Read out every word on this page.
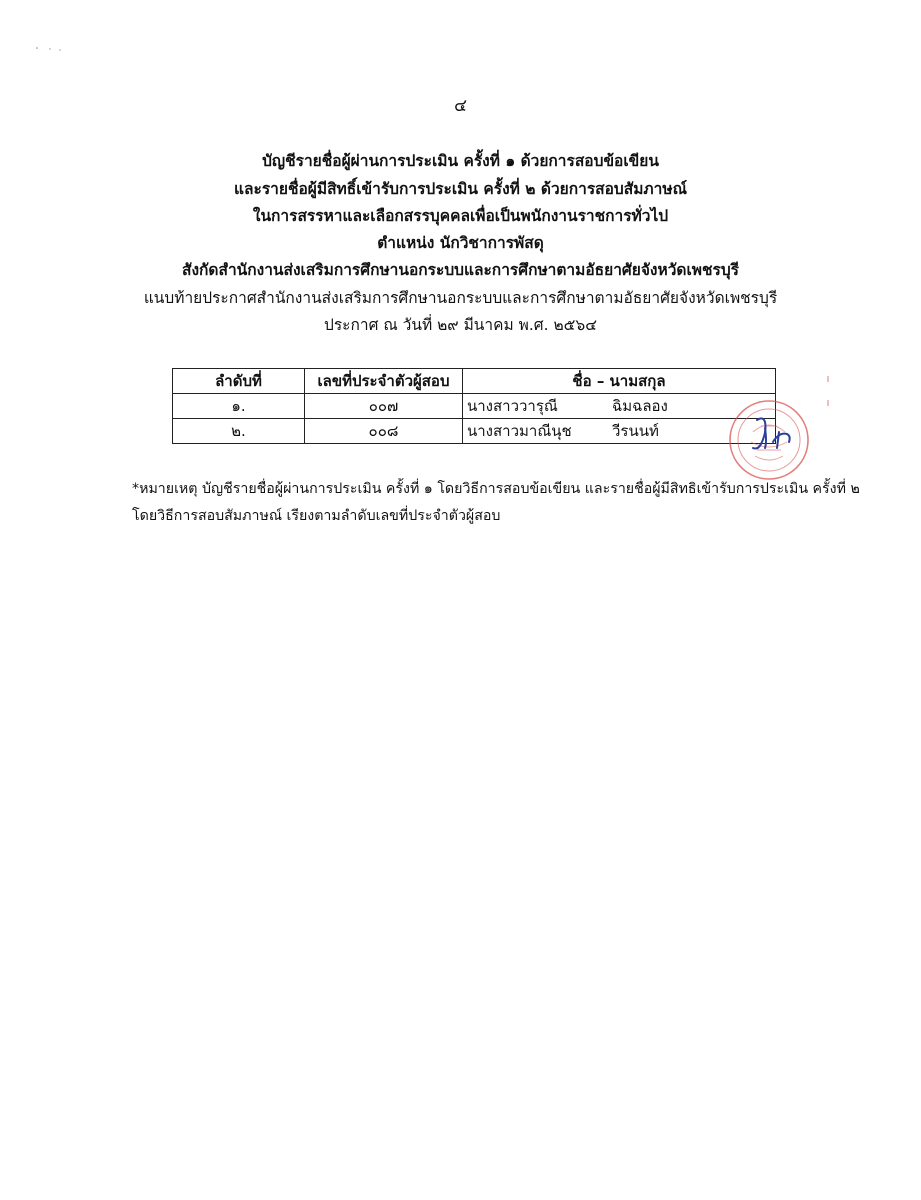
๔
บัญชีรายชื่อผู้ผ่านการประเมิน ครั้งที่ ๑ ด้วยการสอบข้อเขียน
และรายชื่อผู้มีสิทธิ์เข้ารับการประเมิน ครั้งที่ ๒ ด้วยการสอบสัมภาษณ์
ในการสรรหาและเลือกสรรบุคคลเพื่อเป็นพนักงานราชการทั่วไป
ตำแหน่ง นักวิชาการพัสดุ
สังกัดสำนักงานส่งเสริมการศึกษานอกระบบและการศึกษาตามอัธยาศัยจังหวัดเพชรบุรี
แนบท้ายประกาศสำนักงานส่งเสริมการศึกษานอกระบบและการศึกษาตามอัธยาศัยจังหวัดเพชรบุรี
ประกาศ ณ วันที่ ๒๙ มีนาคม พ.ศ. ๒๕๖๔
ลำดับที่	เลขที่ประจำตัวผู้สอบ	ชื่อ – นามสกุล
๑.	๐๐๗	นางสาววารุณี ฉิมฉลอง
๒.	๐๐๘	นางสาวมาณีนุช วีรนนท์
*หมายเหตุ บัญชีรายชื่อผู้ผ่านการประเมิน ครั้งที่ ๑ โดยวิธีการสอบข้อเขียน และรายชื่อผู้มีสิทธิเข้ารับการประเมิน ครั้งที่ ๒
โดยวิธีการสอบสัมภาษณ์ เรียงตามลำดับเลขที่ประจำตัวผู้สอบ
